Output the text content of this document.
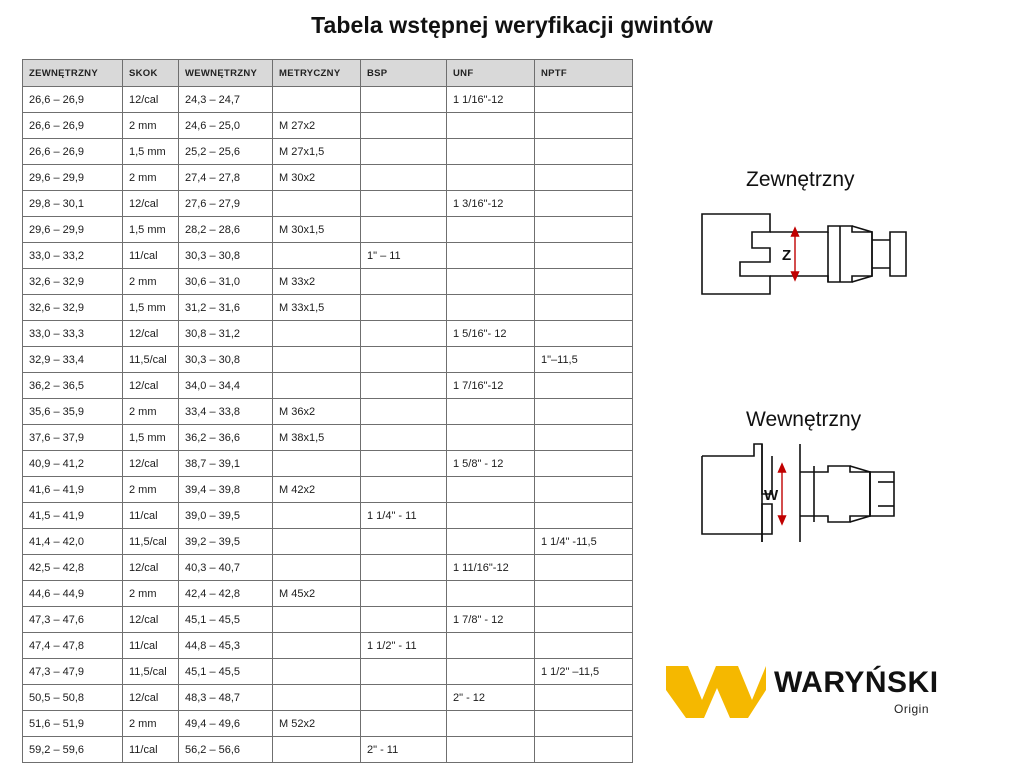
Tabela wstępnej weryfikacji gwintów
ZEWNĘTRZNY	SKOK	WEWNĘTRZNY	METRYCZNY	BSP	UNF	NPTF
26,6 – 26,9	12/cal	24,3 – 24,7			1 1/16"-12	
26,6 – 26,9	2 mm	24,6 – 25,0	M 27x2			
26,6 – 26,9	1,5 mm	25,2 – 25,6	M 27x1,5			
29,6 – 29,9	2 mm	27,4 – 27,8	M 30x2			
29,8 – 30,1	12/cal	27,6 – 27,9			1 3/16"-12	
29,6 – 29,9	1,5 mm	28,2 – 28,6	M 30x1,5			
33,0 – 33,2	11/cal	30,3 – 30,8		1" – 11		
32,6 – 32,9	2 mm	30,6 – 31,0	M 33x2			
32,6 – 32,9	1,5 mm	31,2 – 31,6	M 33x1,5			
33,0 – 33,3	12/cal	30,8 – 31,2			1 5/16"- 12	
32,9 – 33,4	11,5/cal	30,3 – 30,8				1"–11,5
36,2 – 36,5	12/cal	34,0 – 34,4			1 7/16"-12	
35,6 – 35,9	2 mm	33,4 – 33,8	M 36x2			
37,6 – 37,9	1,5 mm	36,2 – 36,6	M 38x1,5			
40,9 – 41,2	12/cal	38,7 – 39,1			1 5/8" - 12	
41,6 – 41,9	2 mm	39,4 – 39,8	M 42x2			
41,5 – 41,9	11/cal	39,0 – 39,5		1 1/4" - 11		
41,4 – 42,0	11,5/cal	39,2 – 39,5				1 1/4" -11,5
42,5 – 42,8	12/cal	40,3 – 40,7			1 11/16"-12	
44,6 – 44,9	2 mm	42,4 – 42,8	M 45x2			
47,3 – 47,6	12/cal	45,1 – 45,5			1 7/8" - 12	
47,4 – 47,8	11/cal	44,8 – 45,3		1 1/2" - 11		
47,3 – 47,9	11,5/cal	45,1 – 45,5				1 1/2" –11,5
50,5 – 50,8	12/cal	48,3 – 48,7			2" - 12	
51,6 – 51,9	2 mm	49,4 – 49,6	M 52x2			
59,2 – 59,6	11/cal	56,2 – 56,6		2" - 11		
Zewnętrzny
Z
Wewnętrzny
W
WARYŃSKI
Origin
